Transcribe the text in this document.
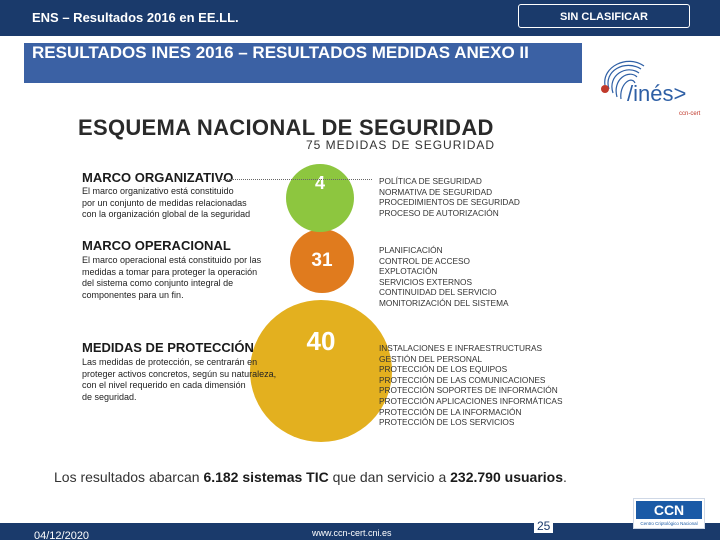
ENS – Resultados 2016 en EE.LL.	SIN CLASIFICAR
RESULTADOS INES 2016 – RESULTADOS MEDIDAS ANEXO II
/inés>
ccn-cert
ESQUEMA NACIONAL DE SEGURIDAD
75 MEDIDAS DE SEGURIDAD
40
31
4
MARCO ORGANIZATIVO
El marco organizativo está constituido
por un conjunto de medidas relacionadas
con la organización global de la seguridad
POLÍTICA DE SEGURIDAD
NORMATIVA DE SEGURIDAD
PROCEDIMIENTOS DE SEGURIDAD
PROCESO DE AUTORIZACIÓN
MARCO OPERACIONAL
El marco operacional está constituido por las
medidas a tomar para proteger la operación
del sistema como conjunto integral de
componentes para un fin.
PLANIFICACIÓN
CONTROL DE ACCESO
EXPLOTACIÓN
SERVICIOS EXTERNOS
CONTINUIDAD DEL SERVICIO
MONITORIZACIÓN DEL SISTEMA
MEDIDAS DE PROTECCIÓN
Las medidas de protección, se centrarán en
proteger activos concretos, según su naturaleza,
con el nivel requerido en cada dimensión
de seguridad.
INSTALACIONES E INFRAESTRUCTURAS
GESTIÓN DEL PERSONAL
PROTECCIÓN DE LOS EQUIPOS
PROTECCIÓN DE LAS COMUNICACIONES
PROTECCIÓN SOPORTES DE INFORMACIÓN
PROTECCIÓN APLICACIONES INFORMÁTICAS
PROTECCIÓN DE LA INFORMACIÓN
PROTECCIÓN DE LOS SERVICIOS
Los resultados abarcan 6.182 sistemas TIC que dan servicio a 232.790 usuarios.
04/12/2020	www.ccn-cert.cni.es	25
CCN
Centro Criptológico Nacional
